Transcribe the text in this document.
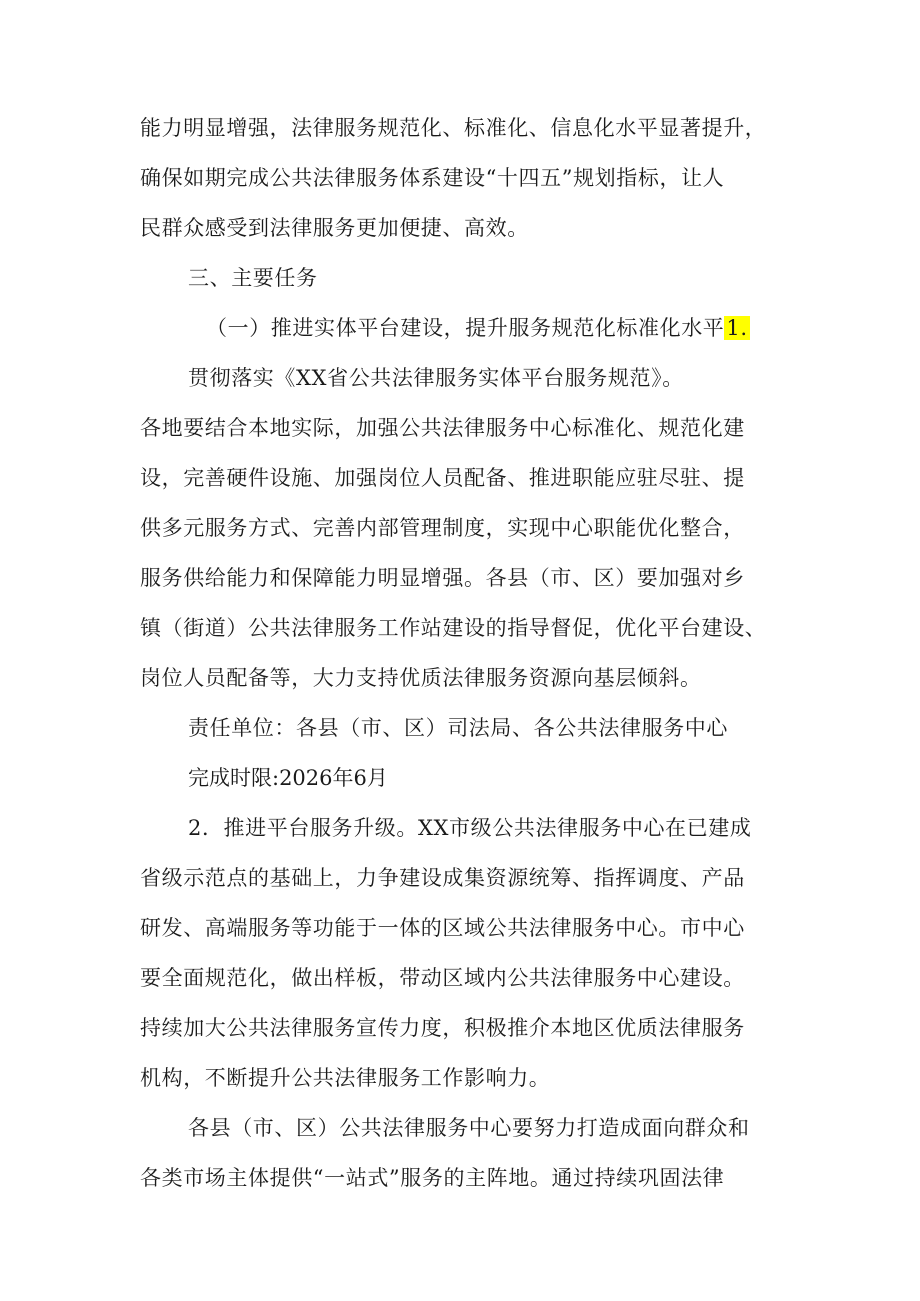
能力明显增强，法律服务规范化、标准化、信息化水平显著提升，
确保如期完成公共法律服务体系建设“十四五”规划指标，让人
民群众感受到法律服务更加便捷、高效。
三、主要任务
（一）推进实体平台建设，提升服务规范化标准化水平1.
贯彻落实《XX省公共法律服务实体平台服务规范》。
各地要结合本地实际，加强公共法律服务中心标准化、规范化建
设，完善硬件设施、加强岗位人员配备、推进职能应驻尽驻、提
供多元服务方式、完善内部管理制度，实现中心职能优化整合，
服务供给能力和保障能力明显增强。各县（市、区）要加强对乡
镇（街道）公共法律服务工作站建设的指导督促，优化平台建设、
岗位人员配备等，大力支持优质法律服务资源向基层倾斜。
责任单位：各县（市、区）司法局、各公共法律服务中心
完成时限:2026年6月
2．推进平台服务升级。XX市级公共法律服务中心在已建成
省级示范点的基础上，力争建设成集资源统筹、指挥调度、产品
研发、高端服务等功能于一体的区域公共法律服务中心。市中心
要全面规范化，做出样板，带动区域内公共法律服务中心建设。
持续加大公共法律服务宣传力度，积极推介本地区优质法律服务
机构，不断提升公共法律服务工作影响力。
各县（市、区）公共法律服务中心要努力打造成面向群众和
各类市场主体提供“一站式”服务的主阵地。通过持续巩固法律
